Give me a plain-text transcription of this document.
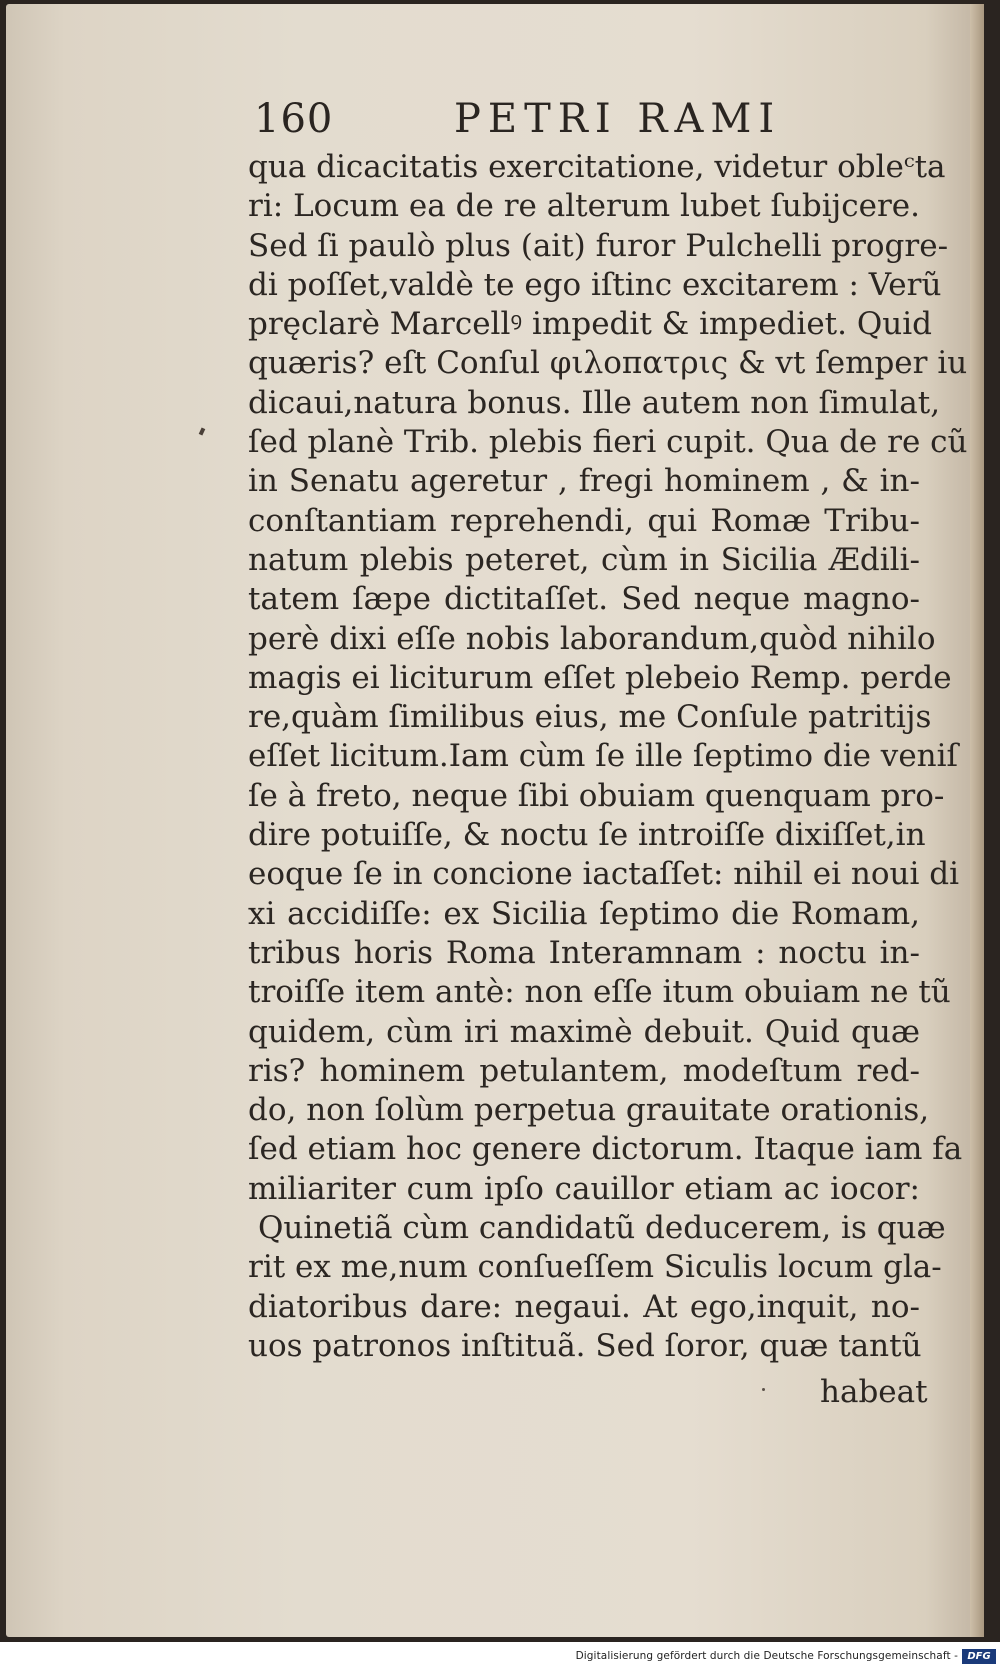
160	PETRI RAMI
qua dicacitatis exercitatione, videtur obleᶜta
ri: Locum ea de re alterum lubet ſubijcere.
Sed ſi paulò plus (ait) furor Pulchelli progre-
di poſſet,valdè te ego iſtinc excitarem : Verũ
pręclarè Marcellꝰ impedit & impediet. Quid
quæris? eſt Conſul φιλοπατρις & vt ſemper iu
dicaui,natura bonus. Ille autem non ſimulat,
ſed planè Trib. plebis fieri cupit. Qua de re cũ
in Senatu ageretur , fregi hominem , & in-
conſtantiam reprehendi, qui Romæ Tribu-
natum plebis peteret, cùm in Sicilia Ædili-
tatem ſæpe dictitaſſet. Sed neque magno-
perè dixi eſſe nobis laborandum,quòd nihilo
magis ei liciturum eſſet plebeio Remp. perde
re,quàm ſimilibus eius, me Conſule patritijs
eſſet licitum.Iam cùm ſe ille ſeptimo die veniſ
ſe à freto, neque ſibi obuiam quenquam pro-
dire potuiſſe, & noctu ſe introiſſe dixiſſet,in
eoque ſe in concione iactaſſet: nihil ei noui di
xi accidiſſe: ex Sicilia ſeptimo die Romam,
tribus horis Roma Interamnam : noctu in-
troiſſe item antè: non eſſe itum obuiam ne tũ
quidem, cùm iri maximè debuit. Quid quæ
ris? hominem petulantem, modeſtum red-
do, non ſolùm perpetua grauitate orationis,
ſed etiam hoc genere dictorum. Itaque iam fa
miliariter cum ipſo cauillor etiam ac iocor:
Quinetiã cùm candidatũ deducerem, is quæ
rit ex me,num conſueſſem Siculis locum gla-
diatoribus dare: negaui. At ego,inquit, no-
uos patronos inſtituã. Sed ſoror, quæ tantũ
habeat
Digitalisierung gefördert durch die Deutsche Forschungsgemeinschaft - DFG
